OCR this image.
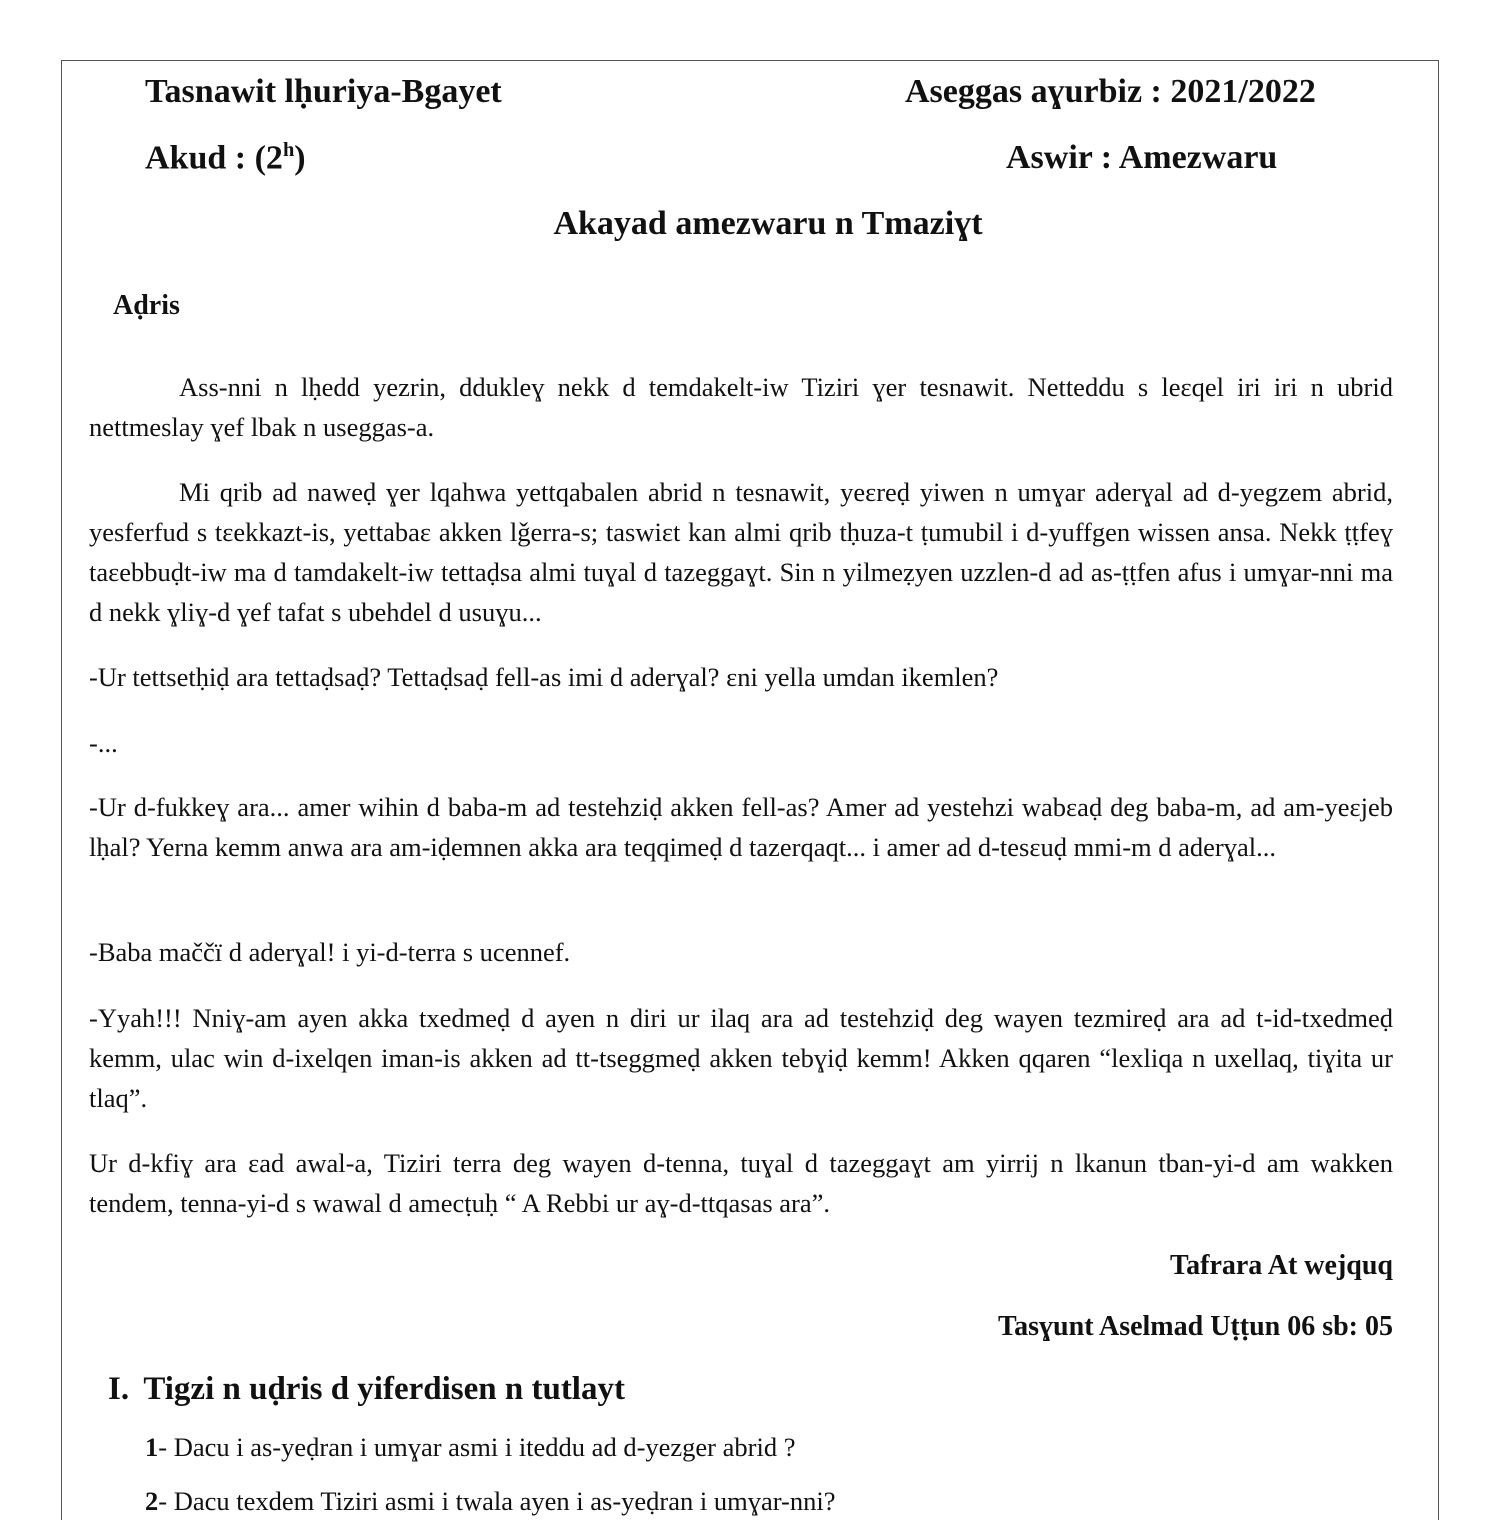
Tasnawit lḥuriya-Bgayet	Aseggas aɣurbiz : 2021/2022
Akud : (2$^h$)	Aswir : Amezwaru
Akayad amezwaru n Tmaziɣt
Aḍris
Ass-nni n lḥedd yezrin, ddukleɣ nekk d temdakelt-iw Tiziri ɣer tesnawit. Netteddu s leɛqel iri iri n ubrid nettmeslay ɣef lbak n useggas-a.
Mi qrib ad naweḍ ɣer lqahwa yettqabalen abrid n tesnawit, yeɛreḍ yiwen n umɣar aderɣal ad d-yegzem abrid, yesferfud s tɛekkazt-is, yettabaɛ akken lǧerra-s; taswiɛt kan almi qrib tḥuza-t ṭumubil i d-yuffgen wissen ansa. Nekk ṭṭfeɣ taɛebbuḍt-iw ma d tamdakelt-iw tettaḍsa almi tuɣal d tazeggaɣt. Sin n yilmeẓyen uzzlen-d ad as-ṭṭfen afus i umɣar-nni ma d nekk ɣliɣ-d ɣef tafat s ubehdel d usuɣu...
-Ur tettsetḥiḍ ara tettaḍsaḍ? Tettaḍsaḍ fell-as imi d aderɣal? ɛni yella umdan ikemlen?
-...
-Ur d-fukkeɣ ara... amer wihin d baba-m ad testehziḍ akken fell-as? Amer ad yestehzi wabɛaḍ deg baba-m, ad am-yeɛjeb lḥal? Yerna kemm anwa ara am-iḍemnen akka ara teqqimeḍ d tazerqaqt... i amer ad d-tesɛuḍ mmi-m d aderɣal...
-Baba maččï d aderɣal! i yi-d-terra s ucennef.
-Yyah!!! Nniɣ-am ayen akka txedmeḍ d ayen n diri ur ilaq ara ad testehziḍ deg wayen tezmireḍ ara ad t-id-txedmeḍ kemm, ulac win d-ixelqen iman-is akken ad tt-tseggmeḍ akken tebɣiḍ kemm! Akken qqaren “lexliqa n uxellaq, tiɣita ur tlaq”.
Ur d-kfiɣ ara ɛad awal-a, Tiziri terra deg wayen d-tenna, tuɣal d tazeggaɣt am yirrij n lkanun tban-yi-d am wakken tendem, tenna-yi-d s wawal d amecṭuḥ “ A Rebbi ur aɣ-d-ttqasas ara”.
Tafrara At wejquq
Tasɣunt Aselmad Uṭṭun 06 sb: 05
I. Tigzi n uḍris d yiferdisen n tutlayt
1- Dacu i as-yeḍran i umɣar asmi i iteddu ad d-yezger abrid ?
2- Dacu texdem Tiziri asmi i twala ayen i as-yeḍran i umɣar-nni?
